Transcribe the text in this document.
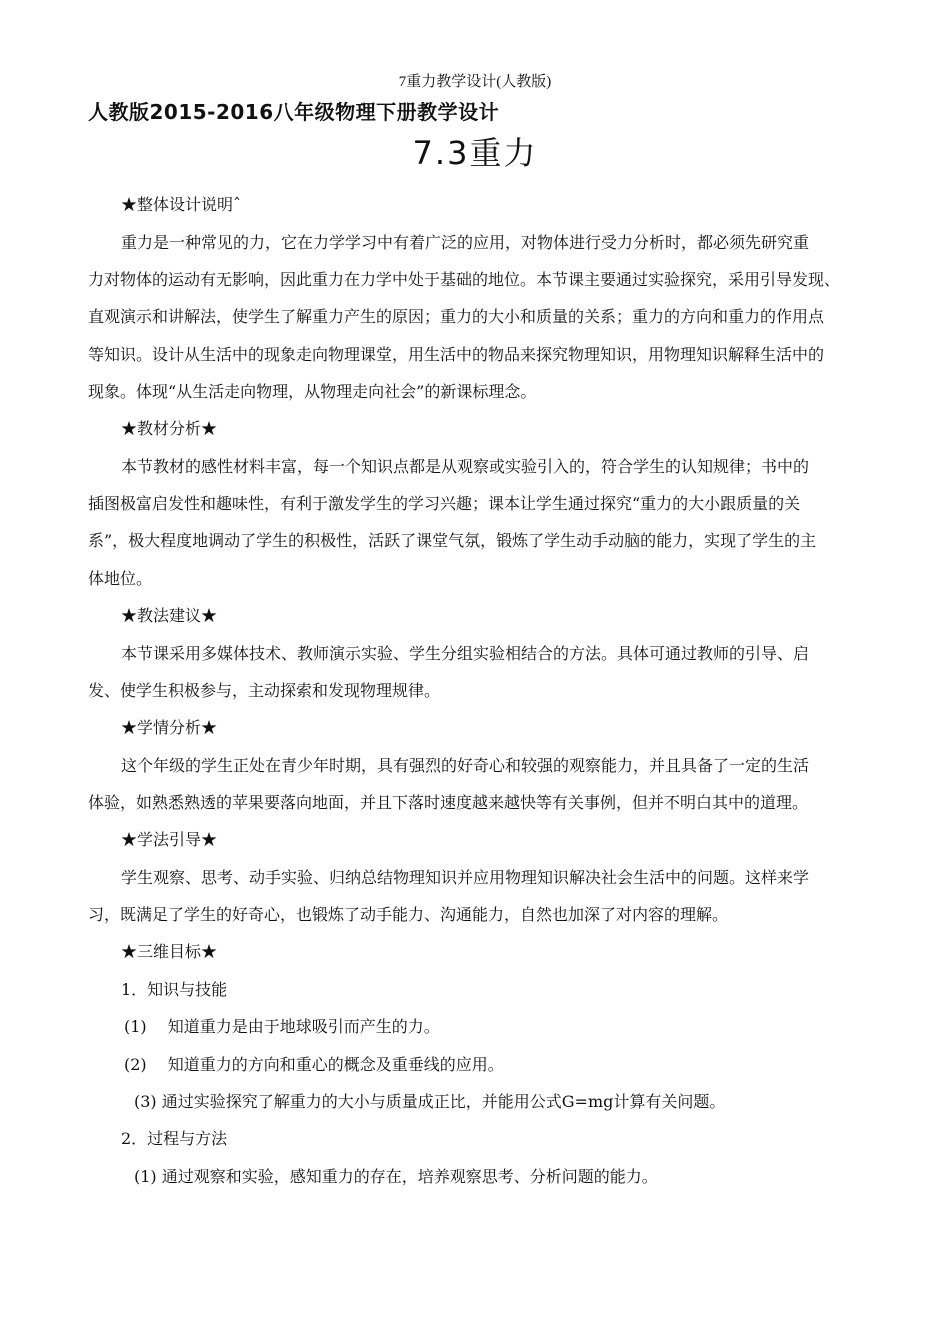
7重力教学设计(人教版)
人教版2015-2016八年级物理下册教学设计
7.3重力
★整体设计说明ˆ
重力是一种常见的力，它在力学学习中有着广泛的应用，对物体进行受力分析时，都必须先研究重
力对物体的运动有无影响，因此重力在力学中处于基础的地位。本节课主要通过实验探究，采用引导发现、
直观演示和讲解法，使学生了解重力产生的原因；重力的大小和质量的关系；重力的方向和重力的作用点
等知识。设计从生活中的现象走向物理课堂，用生活中的物品来探究物理知识，用物理知识解释生活中的
现象。体现“从生活走向物理，从物理走向社会”的新课标理念。
★教材分析★
本节教材的感性材料丰富，每一个知识点都是从观察或实验引入的，符合学生的认知规律；书中的
插图极富启发性和趣味性，有利于激发学生的学习兴趣；课本让学生通过探究“重力的大小跟质量的关
系”，极大程度地调动了学生的积极性，活跃了课堂气氛，锻炼了学生动手动脑的能力，实现了学生的主
体地位。
★教法建议★
本节课采用多媒体技术、教师演示实验、学生分组实验相结合的方法。具体可通过教师的引导、启
发、使学生积极参与，主动探索和发现物理规律。
★学情分析★
这个年级的学生正处在青少年时期，具有强烈的好奇心和较强的观察能力，并且具备了一定的生活
体验，如熟悉熟透的苹果要落向地面，并且下落时速度越来越快等有关事例，但并不明白其中的道理。
★学法引导★
学生观察、思考、动手实验、归纳总结物理知识并应用物理知识解决社会生活中的问题。这样来学
习，既满足了学生的好奇心，也锻炼了动手能力、沟通能力，自然也加深了对内容的理解。
★三维目标★
1．知识与技能
(1)　 知道重力是由于地球吸引而产生的力。
(2)　 知道重力的方向和重心的概念及重垂线的应用。
(3) 通过实验探究了解重力的大小与质量成正比，并能用公式G=mg计算有关问题。
2．过程与方法
(1) 通过观察和实验，感知重力的存在，培养观察思考、分析问题的能力。
